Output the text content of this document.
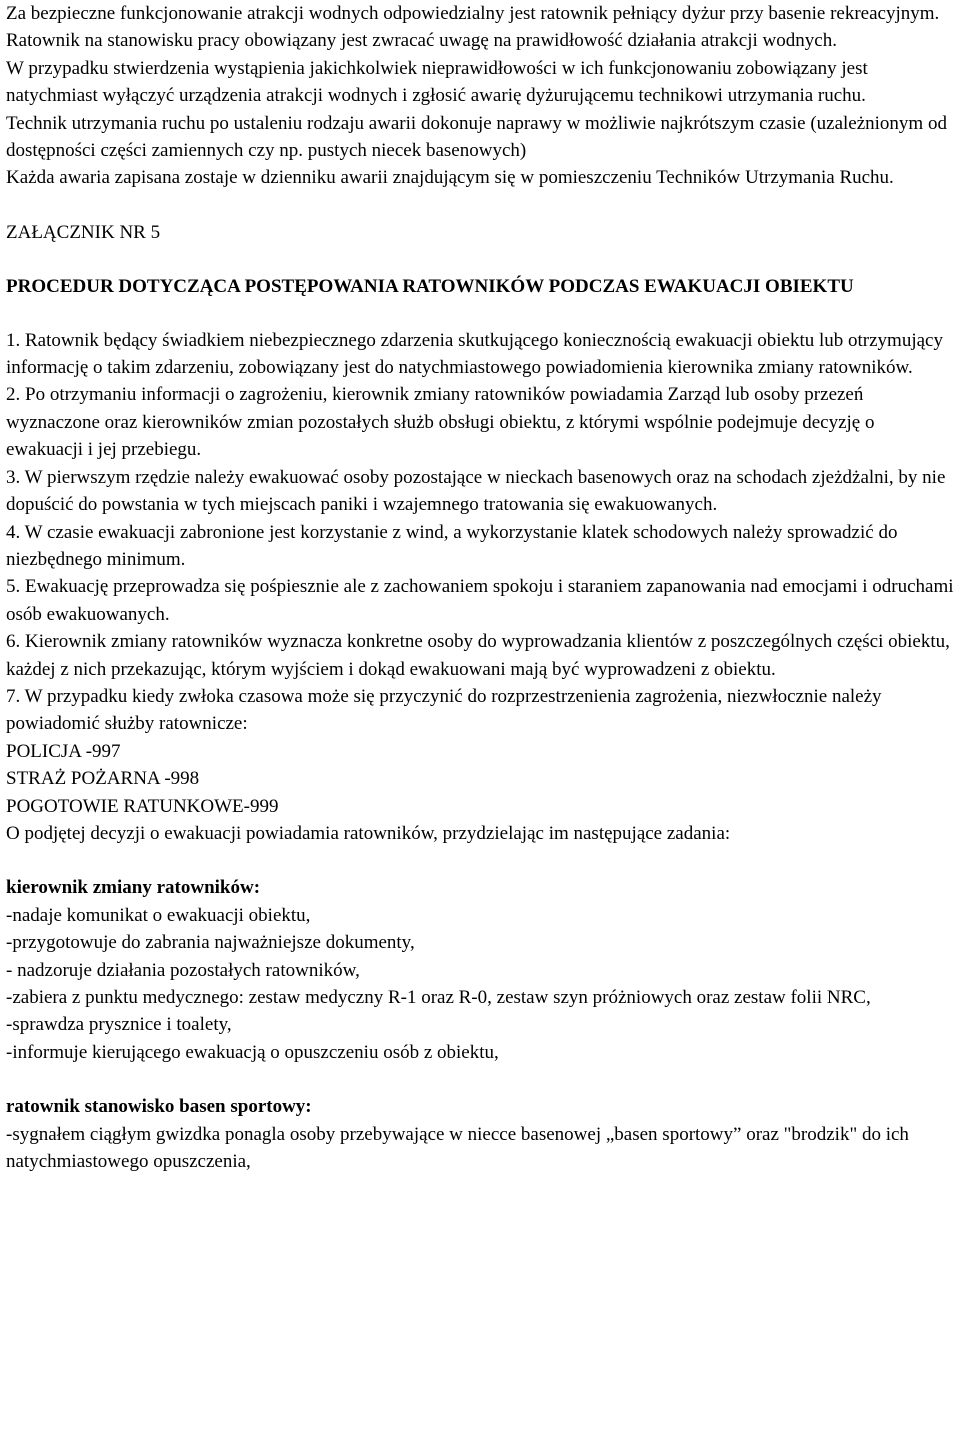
Za bezpieczne funkcjonowanie atrakcji wodnych odpowiedzialny jest ratownik pełniący dyżur przy basenie rekreacyjnym.

Ratownik na stanowisku pracy obowiązany jest zwracać uwagę na prawidłowość działania atrakcji wodnych.

W przypadku stwierdzenia wystąpienia jakichkolwiek nieprawidłowości w ich funkcjonowaniu zobowiązany jest natychmiast wyłączyć urządzenia atrakcji wodnych i zgłosić awarię dyżurującemu technikowi utrzymania ruchu.

Technik utrzymania ruchu po ustaleniu rodzaju awarii dokonuje naprawy w możliwie najkrótszym czasie (uzależnionym od dostępności części zamiennych czy np. pustych niecek basenowych)

Każda awaria zapisana zostaje w dzienniku awarii znajdującym się w pomieszczeniu Techników Utrzymania Ruchu.

ZAŁĄCZNIK NR 5

PROCEDUR DOTYCZĄCA POSTĘPOWANIA RATOWNIKÓW PODCZAS EWAKUACJI OBIEKTU

1. Ratownik będący świadkiem niebezpiecznego zdarzenia skutkującego koniecznością ewakuacji obiektu lub otrzymujący informację o takim zdarzeniu, zobowiązany jest do natychmiastowego powiadomienia kierownika zmiany ratowników.

2. Po otrzymaniu informacji o zagrożeniu, kierownik zmiany ratowników powiadamia Zarząd lub osoby przezeń wyznaczone oraz kierowników zmian pozostałych służb obsługi obiektu, z którymi wspólnie podejmuje decyzję o ewakuacji i jej przebiegu.

3. W pierwszym rzędzie należy ewakuować osoby pozostające w nieckach basenowych oraz na schodach zjeżdżalni, by nie dopuścić do powstania w tych miejscach paniki i wzajemnego tratowania się ewakuowanych.

4. W czasie ewakuacji zabronione jest korzystanie z wind, a wykorzystanie klatek schodowych należy sprowadzić do niezbędnego minimum.

5. Ewakuację przeprowadza się pośpiesznie ale z zachowaniem spokoju i staraniem zapanowania nad emocjami i odruchami osób ewakuowanych.

6. Kierownik zmiany ratowników wyznacza konkretne osoby do wyprowadzania klientów z poszczególnych części obiektu, każdej z nich przekazując, którym wyjściem i dokąd ewakuowani mają być wyprowadzeni z obiektu.

7. W przypadku kiedy zwłoka czasowa może się przyczynić do rozprzestrzenienia zagrożenia, niezwłocznie należy powiadomić służby ratownicze:

POLICJA -997

STRAŻ POŻARNA -998

POGOTOWIE RATUNKOWE-999

O podjętej decyzji o ewakuacji powiadamia ratowników, przydzielając im następujące zadania:

kierownik zmiany ratowników:

-nadaje komunikat o ewakuacji obiektu,

-przygotowuje do zabrania najważniejsze dokumenty,

- nadzoruje działania pozostałych ratowników,

-zabiera z punktu medycznego: zestaw medyczny R-1 oraz R-0, zestaw szyn próżniowych oraz zestaw folii NRC,

-sprawdza prysznice i toalety,

-informuje kierującego ewakuacją o opuszczeniu osób z obiektu,

ratownik stanowisko basen sportowy:

-sygnałem ciągłym gwizdka ponagla osoby przebywające w niecce basenowej „basen sportowy” oraz "brodzik" do ich natychmiastowego opuszczenia,
